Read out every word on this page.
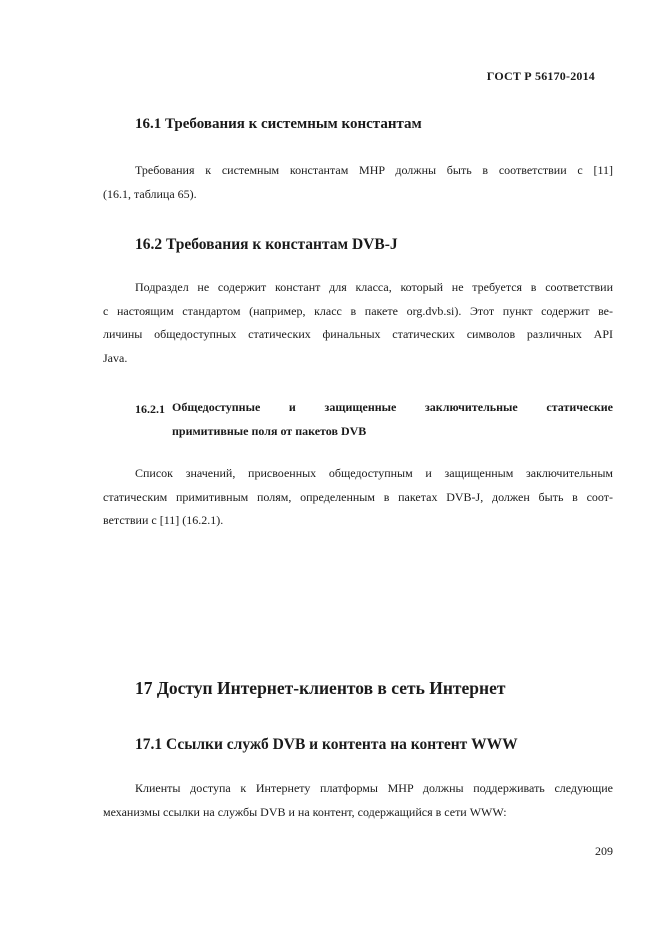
ГОСТ Р 56170-2014
16.1 Требования к системным константам
Требования к системным константам MHP должны быть в соответствии с [11]
(16.1, таблица 65).
16.2 Требования к константам DVB-J
Подраздел не содержит констант для класса, который не требуется в соответствии
с настоящим стандартом (например, класс в пакете org.dvb.si). Этот пункт содержит ве-
личины общедоступных статических финальных статических символов различных API
Java.
16.2.1 Общедоступные и защищенные заключительные статические
примитивные поля от пакетов DVB
Список значений, присвоенных общедоступным и защищенным заключительным
статическим примитивным полям, определенным в пакетах DVB-J, должен быть в соот-
ветствии с [11] (16.2.1).
17 Доступ Интернет-клиентов в сеть Интернет
17.1 Ссылки служб DVB и контента на контент WWW
Клиенты доступа к Интернету платформы MHP должны поддерживать следующие
механизмы ссылки на службы DVB и на контент, содержащийся в сети WWW:
209
